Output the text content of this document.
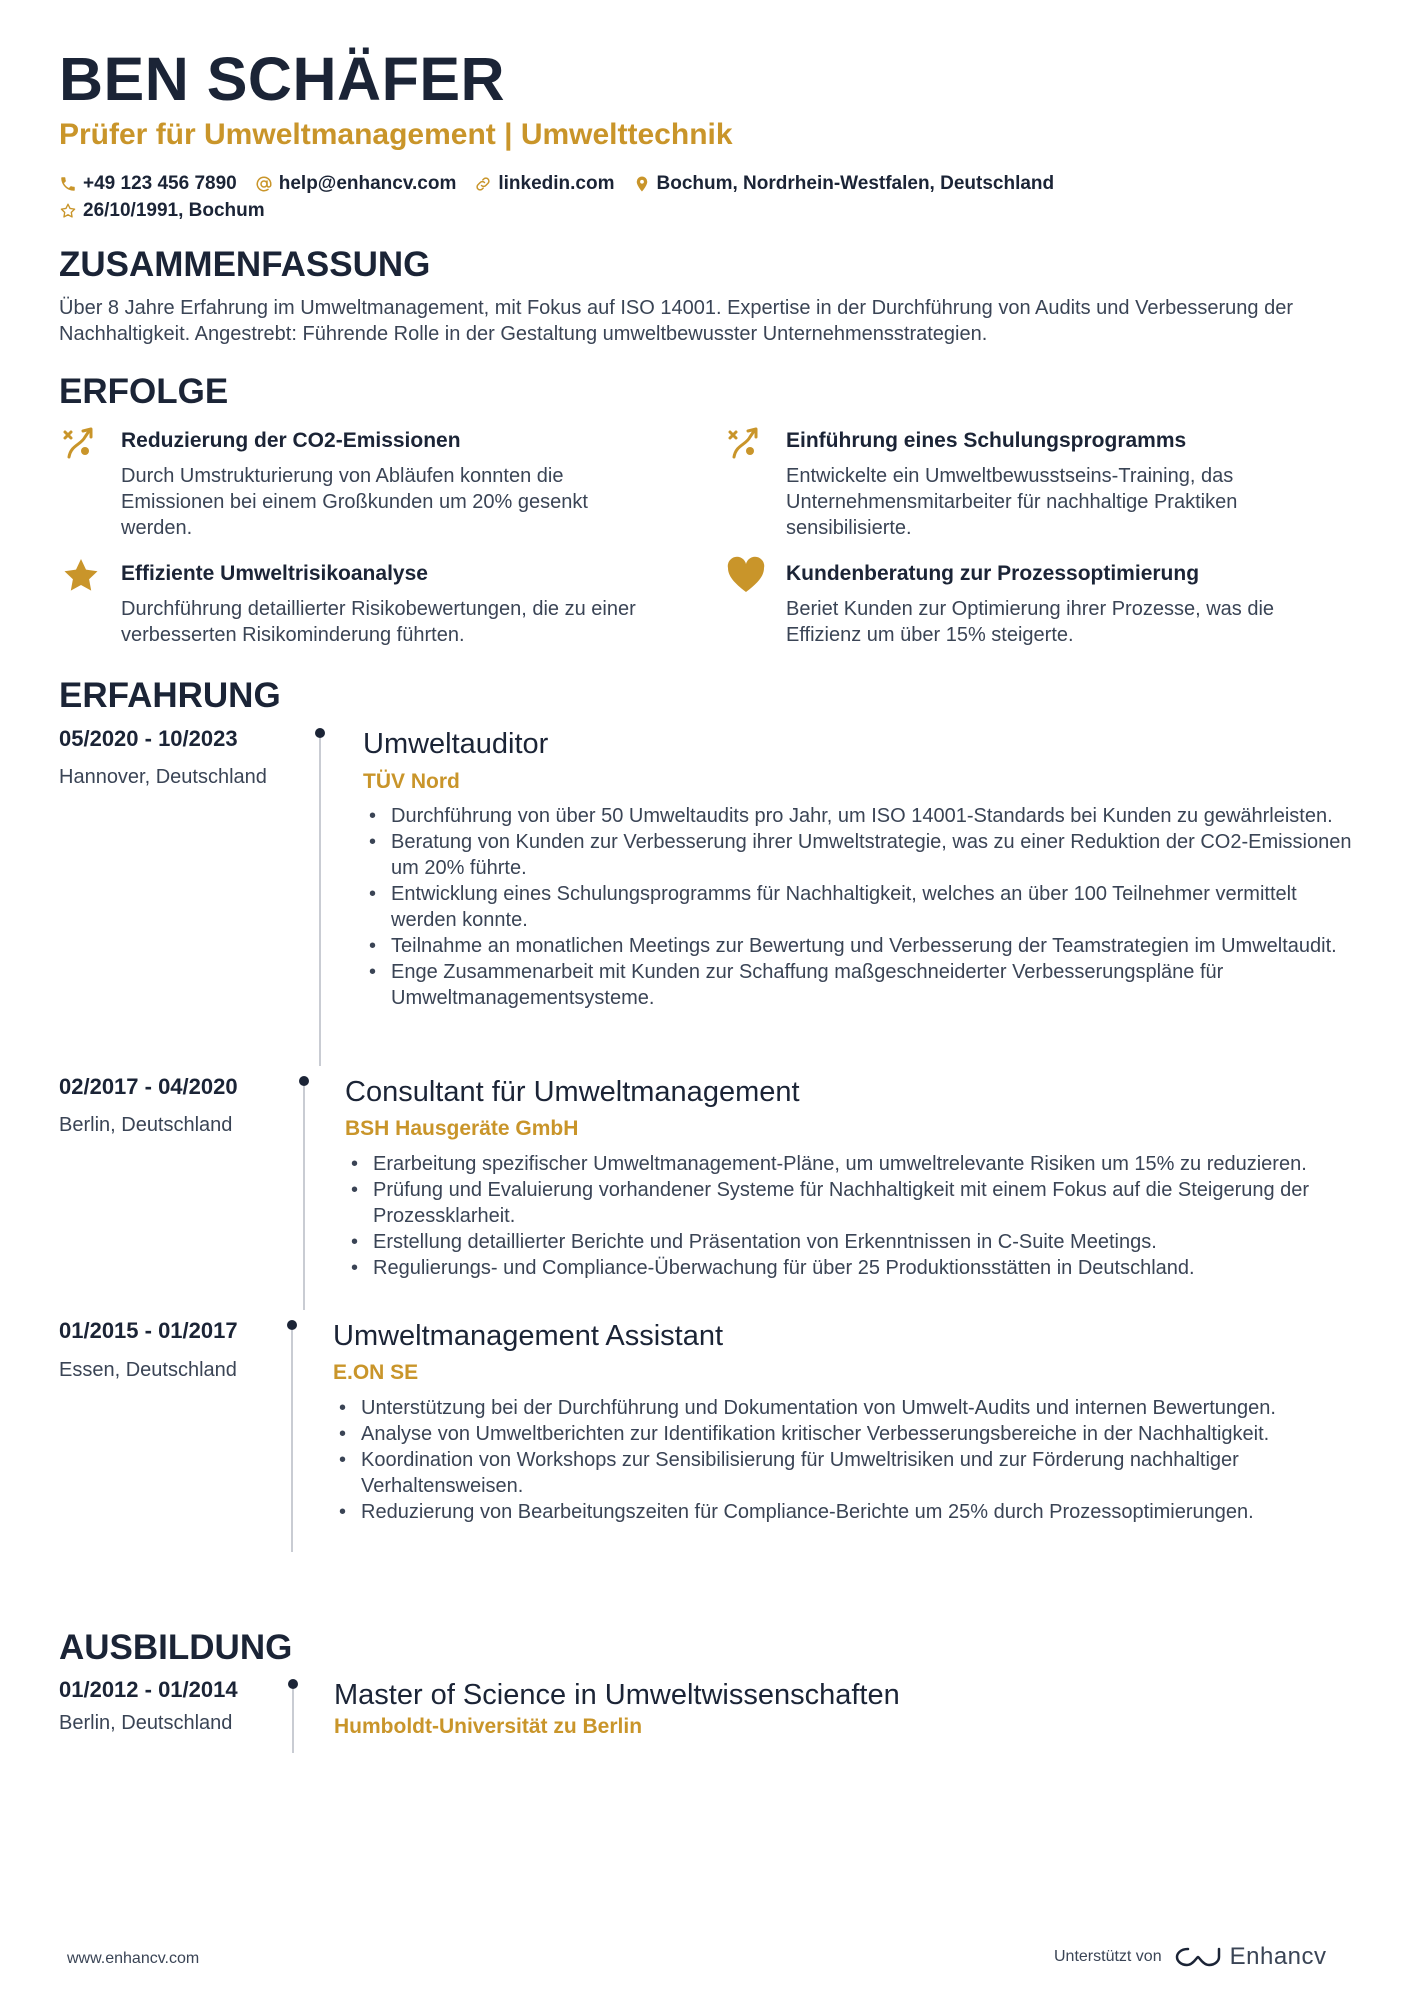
BEN SCHÄFER
Prüfer für Umweltmanagement | Umwelttechnik
+49 123 456 7890 help@enhancv.com linkedin.com Bochum, Nordrhein-Westfalen, Deutschland
26/10/1991, Bochum
ZUSAMMENFASSUNG
Über 8 Jahre Erfahrung im Umweltmanagement, mit Fokus auf ISO 14001. Expertise in der Durchführung von Audits und Verbesserung der Nachhaltigkeit. Angestrebt: Führende Rolle in der Gestaltung umweltbewusster Unternehmensstrategien.
ERFOLGE
Reduzierung der CO2-Emissionen
Durch Umstrukturierung von Abläufen konnten die Emissionen bei einem Großkunden um 20% gesenkt werden.
Einführung eines Schulungsprogramms
Entwickelte ein Umweltbewusstseins-Training, das Unternehmensmitarbeiter für nachhaltige Praktiken sensibilisierte.
Effiziente Umweltrisikoanalyse
Durchführung detaillierter Risikobewertungen, die zu einer verbesserten Risikominderung führten.
Kundenberatung zur Prozessoptimierung
Beriet Kunden zur Optimierung ihrer Prozesse, was die Effizienz um über 15% steigerte.
ERFAHRUNG
05/2020 - 10/2023
Hannover, Deutschland
Umweltauditor
TÜV Nord
• Durchführung von über 50 Umweltaudits pro Jahr, um ISO 14001-Standards bei Kunden zu gewährleisten.
• Beratung von Kunden zur Verbesserung ihrer Umweltstrategie, was zu einer Reduktion der CO2-Emissionen um 20% führte.
• Entwicklung eines Schulungsprogramms für Nachhaltigkeit, welches an über 100 Teilnehmer vermittelt werden konnte.
• Teilnahme an monatlichen Meetings zur Bewertung und Verbesserung der Teamstrategien im Umweltaudit.
• Enge Zusammenarbeit mit Kunden zur Schaffung maßgeschneiderter Verbesserungspläne für Umweltmanagementsysteme.
02/2017 - 04/2020
Berlin, Deutschland
Consultant für Umweltmanagement
BSH Hausgeräte GmbH
• Erarbeitung spezifischer Umweltmanagement-Pläne, um umweltrelevante Risiken um 15% zu reduzieren.
• Prüfung und Evaluierung vorhandener Systeme für Nachhaltigkeit mit einem Fokus auf die Steigerung der Prozessklarheit.
• Erstellung detaillierter Berichte und Präsentation von Erkenntnissen in C-Suite Meetings.
• Regulierungs- und Compliance-Überwachung für über 25 Produktionsstätten in Deutschland.
01/2015 - 01/2017
Essen, Deutschland
Umweltmanagement Assistant
E.ON SE
• Unterstützung bei der Durchführung und Dokumentation von Umwelt-Audits und internen Bewertungen.
• Analyse von Umweltberichten zur Identifikation kritischer Verbesserungsbereiche in der Nachhaltigkeit.
• Koordination von Workshops zur Sensibilisierung für Umweltrisiken und zur Förderung nachhaltiger Verhaltensweisen.
• Reduzierung von Bearbeitungszeiten für Compliance-Berichte um 25% durch Prozessoptimierungen.
AUSBILDUNG
01/2012 - 01/2014
Berlin, Deutschland
Master of Science in Umweltwissenschaften
Humboldt-Universität zu Berlin
www.enhancv.com	Unterstützt von	Enhancv
